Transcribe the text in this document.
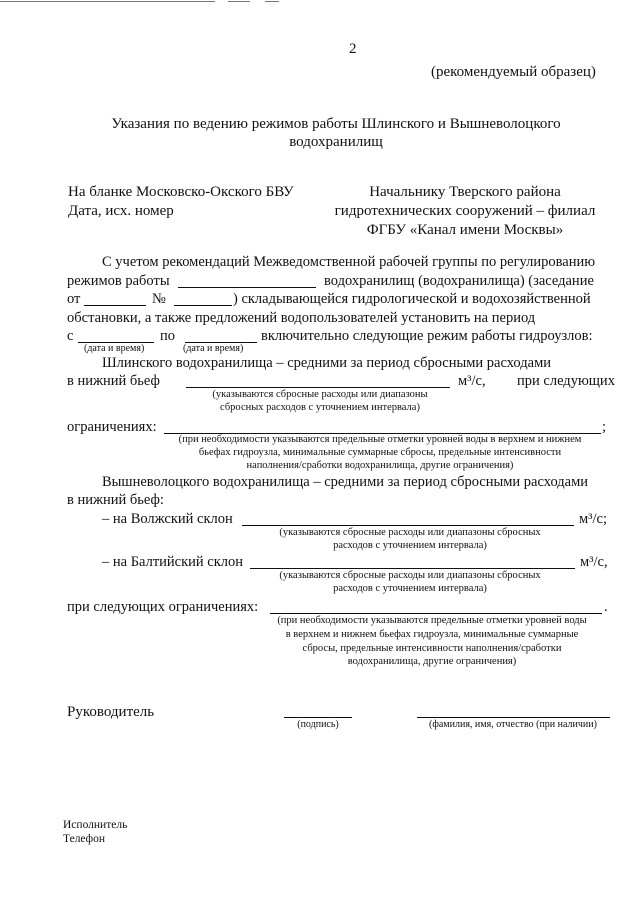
2
(рекомендуемый образец)
Указания по ведению режимов работы Шлинского и Вышневолоцкого
водохранилищ
На бланке Московско-Окского БВУ
Дата, исх. номер
Начальнику Тверского района
гидротехнических сооружений – филиал
ФГБУ «Канал имени Москвы»
С учетом рекомендаций Межведомственной рабочей группы по регулированию
режимов работы	водохранилищ (водохранилища) (заседание
от	№	) складывающейся гидрологической и водохозяйственной
обстановки, а также предложений водопользователей установить на период
с	по	включительно следующие режим работы гидроузлов:
(дата и время)	(дата и время)
Шлинского водохранилища – средними за период сбросными расходами
в нижний бьеф	м³/с, при следующих
(указываются сбросные расходы или диапазоны
сбросных расходов с уточнением интервала)
ограничениях:	;
(при необходимости указываются предельные отметки уровней воды в верхнем и нижнем
бьефах гидроузла, минимальные суммарные сбросы, предельные интенсивности
наполнения/сработки водохранилища, другие ограничения)
Вышневолоцкого водохранилища – средними за период сбросными расходами
в нижний бьеф:
– на Волжский склон	м³/с;
(указываются сбросные расходы или диапазоны сбросных
расходов с уточнением интервала)
– на Балтийский склон	м³/с,
(указываются сбросные расходы или диапазоны сбросных
расходов с уточнением интервала)
при следующих ограничениях:	.
(при необходимости указываются предельные отметки уровней воды
в верхнем и нижнем бьефах гидроузла, минимальные суммарные
сбросы, предельные интенсивности наполнения/сработки
водохранилища, другие ограничения)
Руководитель
(подпись)	(фамилия, имя, отчество (при наличии)
Исполнитель
Телефон
